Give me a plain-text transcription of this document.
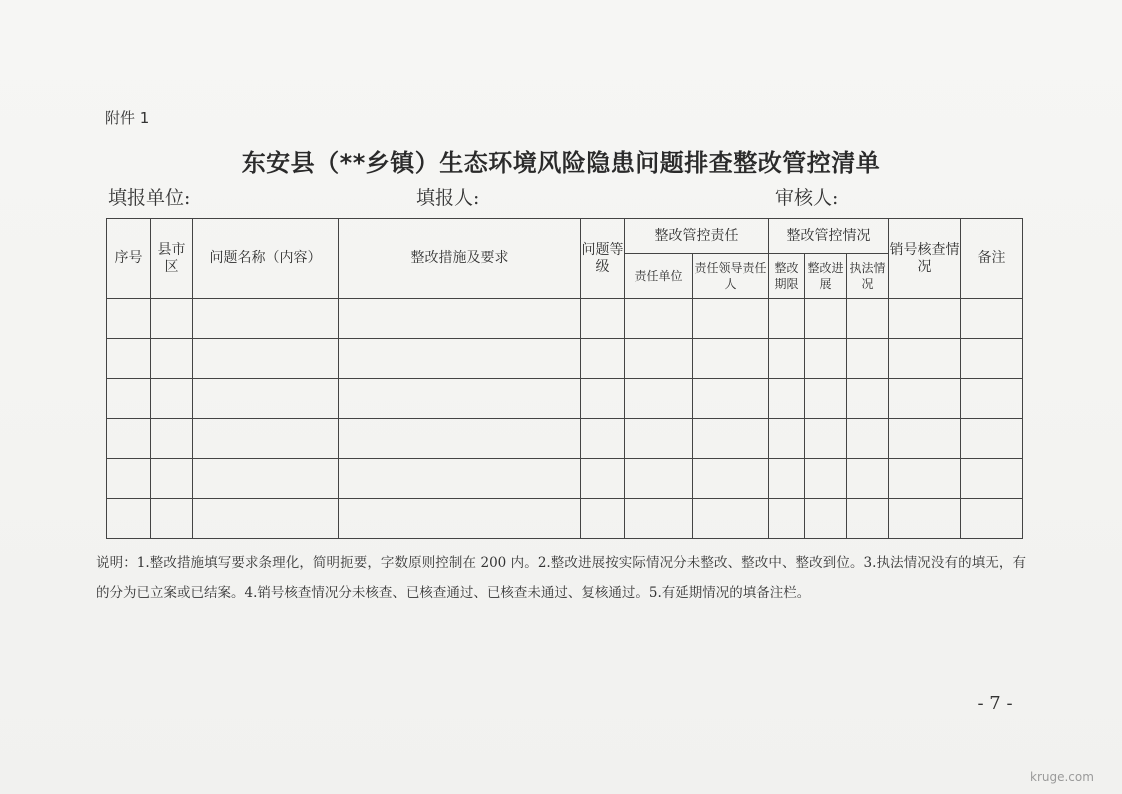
附件 1
东安县（**乡镇）生态环境风险隐患问题排查整改管控清单
填报单位:	填报人:	审核人:
序号	县市区	问题名称（内容）	整改措施及要求	问题等级	整改管控责任		整改管控情况			销号核查情况	备注
					责任单位	责任领导责任人	整改期限	整改进展	执法情况		

说明：1.整改措施填写要求条理化，简明扼要，字数原则控制在 200 内。2.整改进展按实际情况分未整改、整改中、整改到位。3.执法情况没有的填无，有的分为已立案或已结案。4.销号核查情况分未核查、已核查通过、已核查未通过、复核通过。5.有延期情况的填备注栏。
- 7 -
kruge.com
